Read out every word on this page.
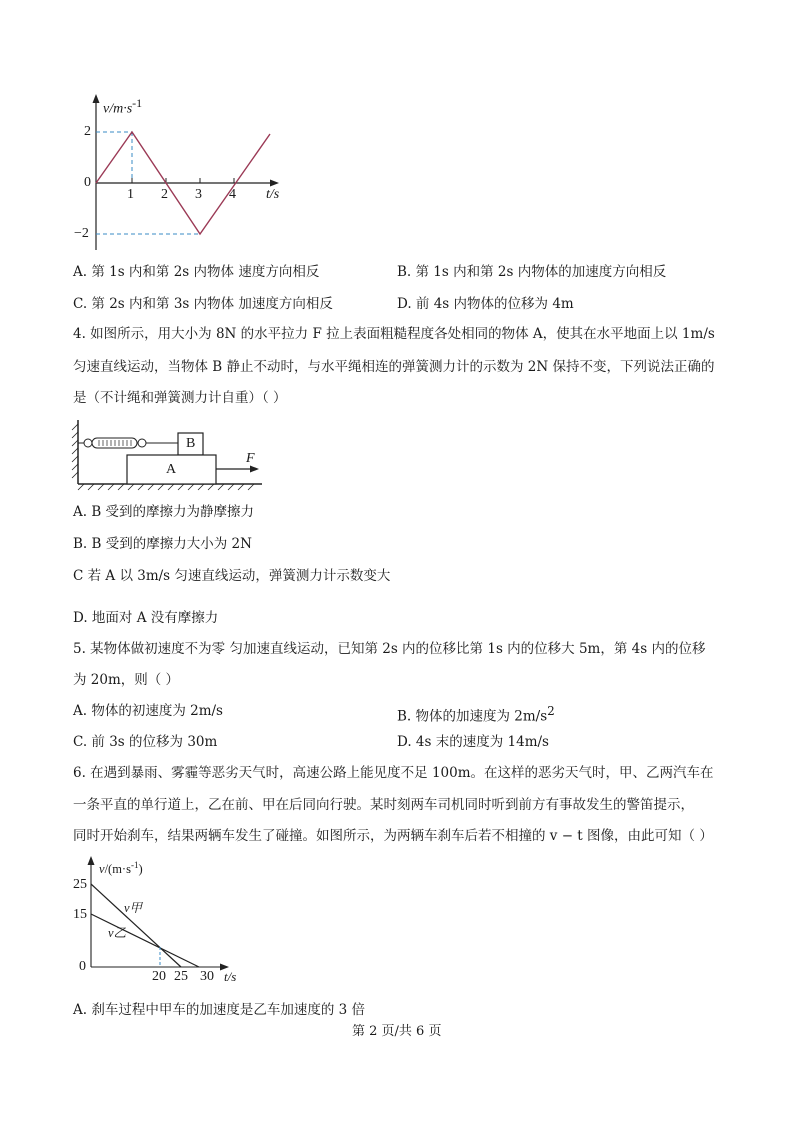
$v/m\cdot s^{-1}$
2
0
−2
1 2 3 4 t/s
A. 第 1s 内和第 2s 内物体 速度方向相反	B. 第 1s 内和第 2s 内物体的加速度方向相反
C. 第 2s 内和第 3s 内物体 加速度方向相反	D. 前 4s 内物体的位移为 4m
4. 如图所示，用大小为 8N 的水平拉力 F 拉上表面粗糙程度各处相同的物体 A，使其在水平地面上以 1m/s
匀速直线运动，当物体 B 静止不动时，与水平绳相连的弹簧测力计的示数为 2N 保持不变，下列说法正确的
是（不计绳和弹簧测力计自重）（ ）
B
A
F
A. B 受到的摩擦力为静摩擦力
B. B 受到的摩擦力大小为 2N
C 若 A 以 3m/s 匀速直线运动，弹簧测力计示数变大
D. 地面对 A 没有摩擦力
5. 某物体做初速度不为零 匀加速直线运动，已知第 2s 内的位移比第 1s 内的位移大 5m，第 4s 内的位移
为 20m，则（ ）
A. 物体的初速度为 2m/s	B. 物体的加速度为 $2m/s^2$
C. 前 3s 的位移为 30m	D. 4s 末的速度为 14m/s
6. 在遇到暴雨、雾霾等恶劣天气时，高速公路上能见度不足 100m。在这样的恶劣天气时，甲、乙两汽车在
一条平直的单行道上，乙在前、甲在后同向行驶。某时刻两车司机同时听到前方有事故发生的警笛提示，
同时开始刹车，结果两辆车发生了碰撞。如图所示，为两辆车刹车后若不相撞的 v − t 图像，由此可知（ ）
$v/(m\cdot s^{-1})$
25
15
0
20 25 30 t/s
v甲
v乙
A. 刹车过程中甲车的加速度是乙车加速度的 3 倍
第 2 页/共 6 页
